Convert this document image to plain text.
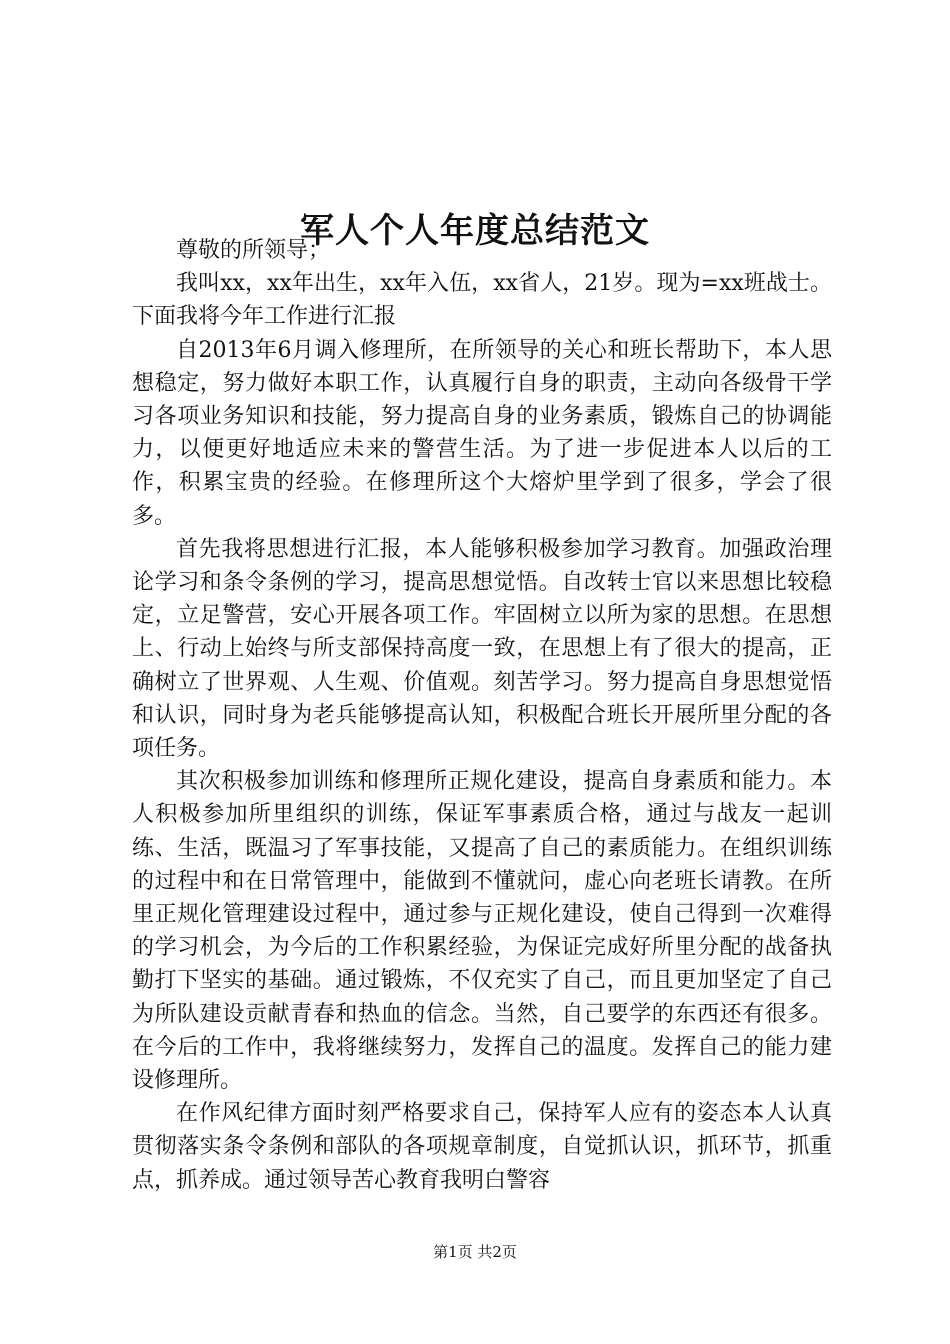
军人个人年度总结范文

尊敬的所领导；

我叫xx，xx年出生，xx年入伍，xx省人，21岁。现为=xx班战士。下面我将今年工作进行汇报

自2013年6月调入修理所，在所领导的关心和班长帮助下，本人思想稳定，努力做好本职工作，认真履行自身的职责，主动向各级骨干学习各项业务知识和技能，努力提高自身的业务素质，锻炼自己的协调能力，以便更好地适应未来的警营生活。为了进一步促进本人以后的工作，积累宝贵的经验。在修理所这个大熔炉里学到了很多，学会了很多。

首先我将思想进行汇报，本人能够积极参加学习教育。加强政治理论学习和条令条例的学习，提高思想觉悟。自改转士官以来思想比较稳定，立足警营，安心开展各项工作。牢固树立以所为家的思想。在思想上、行动上始终与所支部保持高度一致，在思想上有了很大的提高，正确树立了世界观、人生观、价值观。刻苦学习。努力提高自身思想觉悟和认识，同时身为老兵能够提高认知，积极配合班长开展所里分配的各项任务。

其次积极参加训练和修理所正规化建设，提高自身素质和能力。本人积极参加所里组织的训练，保证军事素质合格，通过与战友一起训练、生活，既温习了军事技能，又提高了自己的素质能力。在组织训练的过程中和在日常管理中，能做到不懂就问，虚心向老班长请教。在所里正规化管理建设过程中，通过参与正规化建设，使自己得到一次难得的学习机会，为今后的工作积累经验，为保证完成好所里分配的战备执勤打下坚实的基础。通过锻炼，不仅充实了自己，而且更加坚定了自己为所队建设贡献青春和热血的信念。当然，自己要学的东西还有很多。在今后的工作中，我将继续努力，发挥自己的温度。发挥自己的能力建设修理所。

在作风纪律方面时刻严格要求自己，保持军人应有的姿态本人认真贯彻落实条令条例和部队的各项规章制度，自觉抓认识，抓环节，抓重点，抓养成。通过领导苦心教育我明白警容

第1页 共2页
